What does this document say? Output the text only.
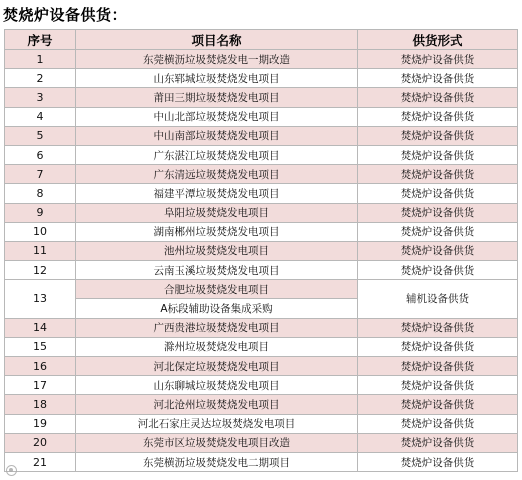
焚烧炉设备供货：
序号	项目名称	供货形式
1	东莞横沥垃圾焚烧发电一期改造	焚烧炉设备供货
2	山东郓城垃圾焚烧发电项目	焚烧炉设备供货
3	莆田三期垃圾焚烧发电项目	焚烧炉设备供货
4	中山北部垃圾焚烧发电项目	焚烧炉设备供货
5	中山南部垃圾焚烧发电项目	焚烧炉设备供货
6	广东湛江垃圾焚烧发电项目	焚烧炉设备供货
7	广东清远垃圾焚烧发电项目	焚烧炉设备供货
8	福建平潭垃圾焚烧发电项目	焚烧炉设备供货
9	阜阳垃圾焚烧发电项目	焚烧炉设备供货
10	湖南郴州垃圾焚烧发电项目	焚烧炉设备供货
11	池州垃圾焚烧发电项目	焚烧炉设备供货
12	云南玉溪垃圾焚烧发电项目	焚烧炉设备供货
13	合肥垃圾焚烧发电项目	辅机设备供货
	A标段辅助设备集成采购	
14	广西贵港垃圾焚烧发电项目	焚烧炉设备供货
15	滁州垃圾焚烧发电项目	焚烧炉设备供货
16	河北保定垃圾焚烧发电项目	焚烧炉设备供货
17	山东聊城垃圾焚烧发电项目	焚烧炉设备供货
18	河北沧州垃圾焚烧发电项目	焚烧炉设备供货
19	河北石家庄灵达垃圾焚烧发电项目	焚烧炉设备供货
20	东莞市区垃圾焚烧发电项目改造	焚烧炉设备供货
21	东莞横沥垃圾焚烧发电二期项目	焚烧炉设备供货
